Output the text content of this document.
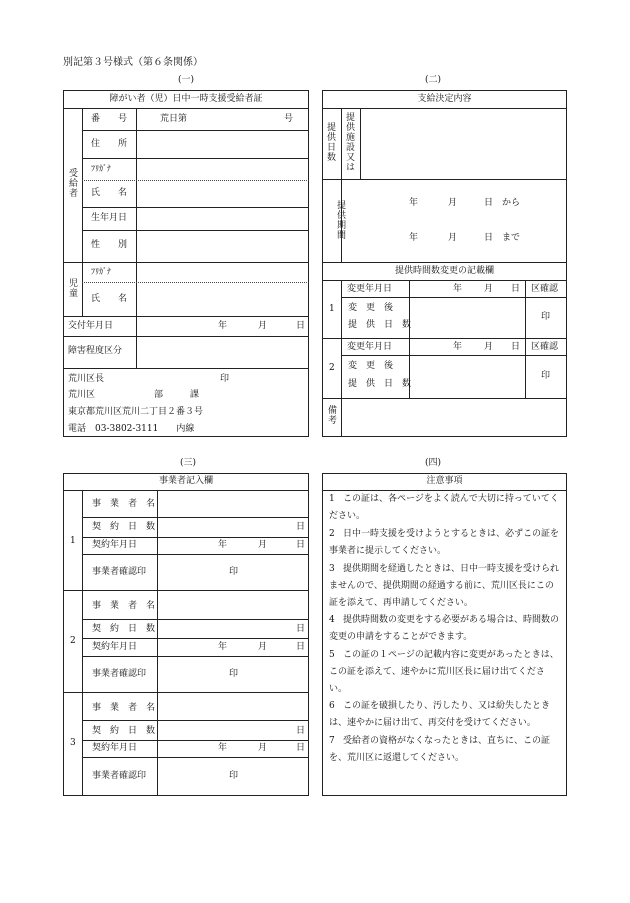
別記第３号様式（第６条関係）
(一)	(二)
(三)	(四)
障がい者（児）日中一時支援受給者証
受給者
番　　号	荒日第	号
住　　所
ﾌﾘｶﾞﾅ
氏　　名
生年月日
性　　別
児童
ﾌﾘｶﾞﾅ
氏　　名
交付年月日	年	月	日
障害程度区分
荒川区長	印
荒川区	部	課
東京都荒川区荒川二丁目２番３号
電話　03-3802-3111　　内線
支給決定内容
提供日数 提供施設又は
提供期間	年	月	日 から
年	月	日 まで
提供時間数変更の記載欄
1
変更年月日	年 月 日 区確認
変　更　後
提　供　日　数
印
2
変更年月日	年 月 日 区確認
変　更　後
提　供　日　数
印
備考
事業者記入欄
1
事　業　者　名
契　約　日　数	日
契約年月日	年	月	日
事業者確認印	印
2
事　業　者　名
契　約　日　数	日
契約年月日	年	月	日
事業者確認印	印
3
事　業　者　名
契　約　日　数	日
契約年月日	年	月	日
事業者確認印	印
注意事項
1 この証は、各ページをよく読んで大切に持っていてください。
2 日中一時支援を受けようとするときは、必ずこの証を事業者に提示してください。
3 提供期間を経過したときは、日中一時支援を受けられませんので、提供期間の経過する前に、荒川区長にこの証を添えて、再申請してください。
4 提供時間数の変更をする必要がある場合は、時間数の変更の申請をすることができます。
5 この証の１ページの記載内容に変更があったときは、この証を添えて、速やかに荒川区長に届け出てください。
6 この証を破損したり、汚したり、又は紛失したときは、速やかに届け出て、再交付を受けてください。
7 受給者の資格がなくなったときは、直ちに、この証を、荒川区に返還してください。
